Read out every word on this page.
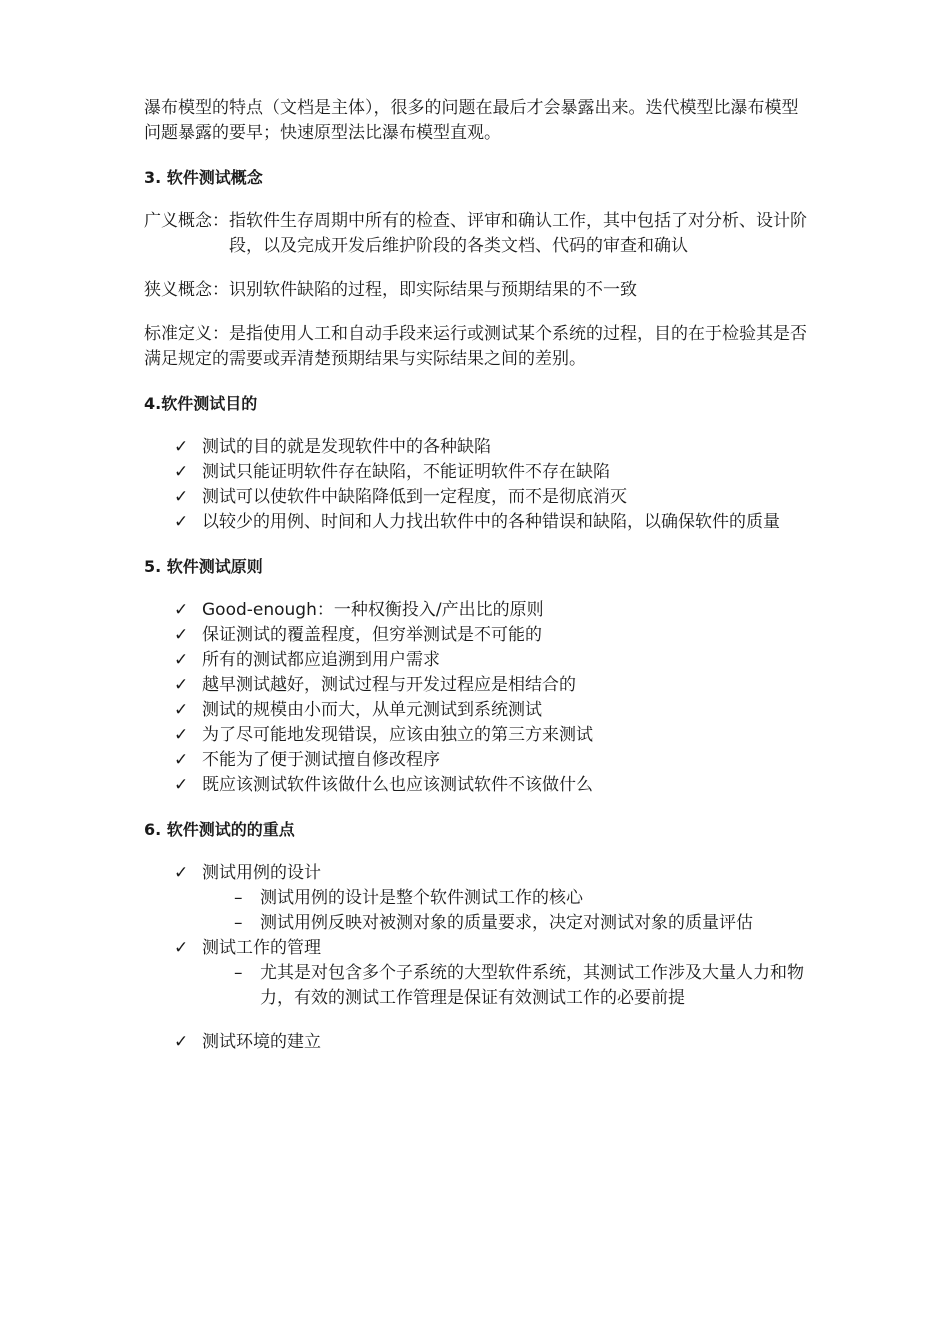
瀑布模型的特点（文档是主体），很多的问题在最后才会暴露出来。迭代模型比瀑布模型问题暴露的要早；快速原型法比瀑布模型直观。

3. 软件测试概念

广义概念： 指软件生存周期中所有的检查、评审和确认工作，其中包括了对分析、设计阶段，以及完成开发后维护阶段的各类文档、代码的审查和确认

狭义概念：识别软件缺陷的过程，即实际结果与预期结果的不一致

标准定义：是指使用人工和自动手段来运行或测试某个系统的过程，目的在于检验其是否满足规定的需要或弄清楚预期结果与实际结果之间的差别。

4.软件测试目的

✓ 测试的目的就是发现软件中的各种缺陷
✓ 测试只能证明软件存在缺陷，不能证明软件不存在缺陷
✓ 测试可以使软件中缺陷降低到一定程度，而不是彻底消灭
✓ 以较少的用例、时间和人力找出软件中的各种错误和缺陷，以确保软件的质量

5. 软件测试原则

✓ Good-enough：一种权衡投入/产出比的原则
✓ 保证测试的覆盖程度，但穷举测试是不可能的
✓ 所有的测试都应追溯到用户需求
✓ 越早测试越好，测试过程与开发过程应是相结合的
✓ 测试的规模由小而大，从单元测试到系统测试
✓ 为了尽可能地发现错误，应该由独立的第三方来测试
✓ 不能为了便于测试擅自修改程序
✓ 既应该测试软件该做什么也应该测试软件不该做什么

6. 软件测试的的重点

✓ 测试用例的设计
– 测试用例的设计是整个软件测试工作的核心
– 测试用例反映对被测对象的质量要求，决定对测试对象的质量评估
✓ 测试工作的管理
– 尤其是对包含多个子系统的大型软件系统，其测试工作涉及大量人力和物力，有效的测试工作管理是保证有效测试工作的必要前提
✓ 测试环境的建立
